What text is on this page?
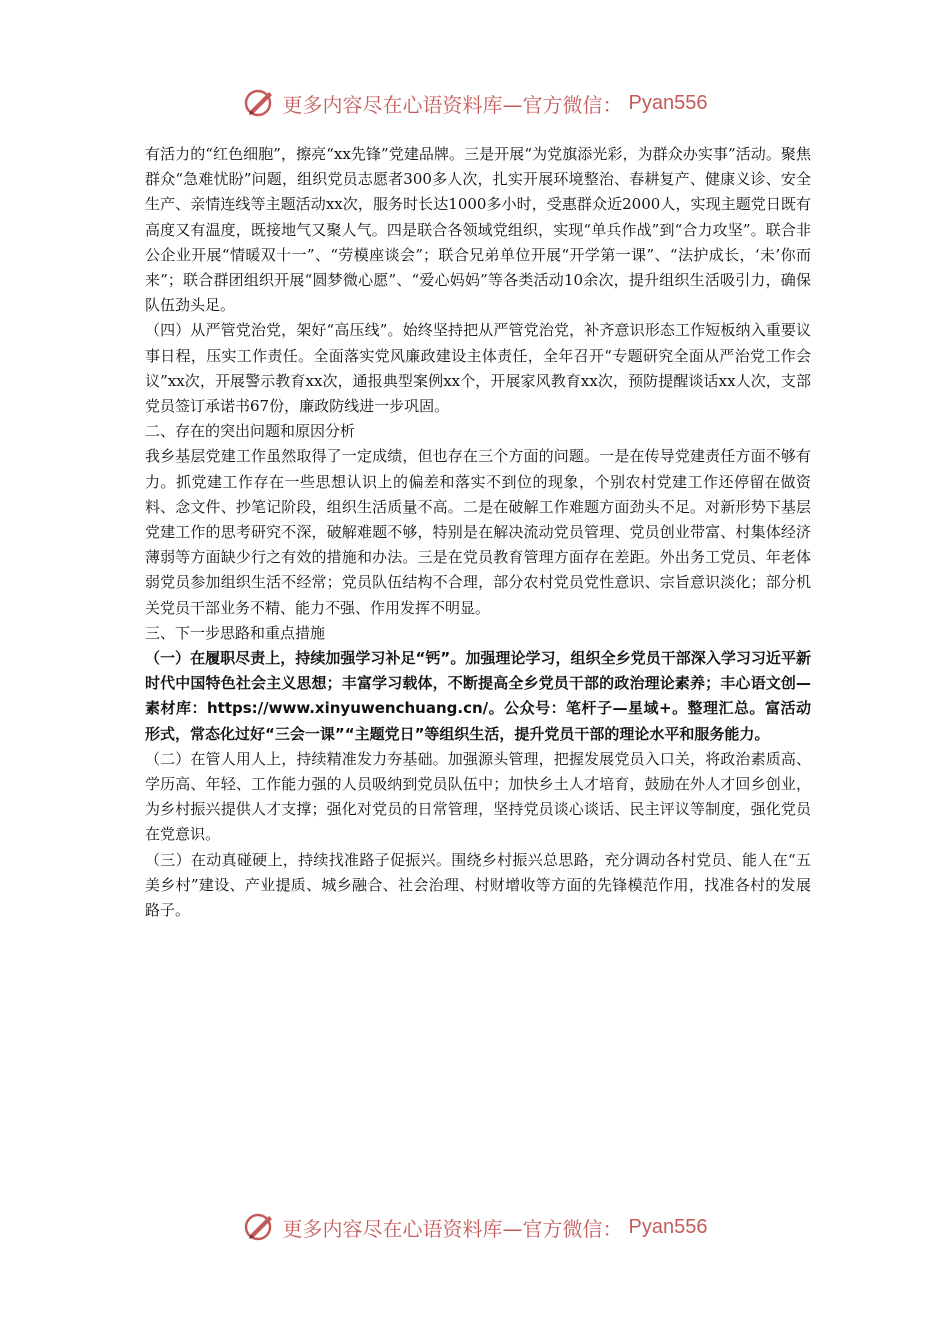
更多内容尽在心语资料库—官方微信： Pyan556

有活力的“红色细胞”，擦亮“xx先锋”党建品牌。三是开展“为党旗添光彩，为群众办实事”活动。聚焦群众“急难忧盼”问题，组织党员志愿者300多人次，扎实开展环境整治、春耕复产、健康义诊、安全生产、亲情连线等主题活动xx次，服务时长达1000多小时，受惠群众近2000人，实现主题党日既有高度又有温度，既接地气又聚人气。四是联合各领域党组织，实现“单兵作战”到“合力攻坚”。联合非公企业开展“情暖双十一”、“劳模座谈会”；联合兄弟单位开展“开学第一课”、“法护成长，‘未’你而来”；联合群团组织开展“圆梦微心愿”、“爱心妈妈”等各类活动10余次，提升组织生活吸引力，确保队伍劲头足。

（四）从严管党治党，架好“高压线”。始终坚持把从严管党治党，补齐意识形态工作短板纳入重要议事日程，压实工作责任。全面落实党风廉政建设主体责任，全年召开“专题研究全面从严治党工作会议”xx次，开展警示教育xx次，通报典型案例xx个，开展家风教育xx次，预防提醒谈话xx人次，支部党员签订承诺书67份，廉政防线进一步巩固。

二、存在的突出问题和原因分析

我乡基层党建工作虽然取得了一定成绩，但也存在三个方面的问题。一是在传导党建责任方面不够有力。抓党建工作存在一些思想认识上的偏差和落实不到位的现象，个别农村党建工作还停留在做资料、念文件、抄笔记阶段，组织生活质量不高。二是在破解工作难题方面劲头不足。对新形势下基层党建工作的思考研究不深，破解难题不够，特别是在解决流动党员管理、党员创业带富、村集体经济薄弱等方面缺少行之有效的措施和办法。三是在党员教育管理方面存在差距。外出务工党员、年老体弱党员参加组织生活不经常；党员队伍结构不合理，部分农村党员党性意识、宗旨意识淡化；部分机关党员干部业务不精、能力不强、作用发挥不明显。

三、下一步思路和重点措施

（一）在履职尽责上，持续加强学习补足“钙”。加强理论学习，组织全乡党员干部深入学习习近平新时代中国特色社会主义思想；丰富学习载体，不断提高全乡党员干部的政治理论素养；丰心语文创—素材库：https://www.xinyuwenchuang.cn/。公众号：笔杆子—星域+。整理汇总。富活动形式，常态化过好“三会一课”“主题党日”等组织生活，提升党员干部的理论水平和服务能力。

（二）在管人用人上，持续精准发力夯基础。加强源头管理，把握发展党员入口关，将政治素质高、学历高、年轻、工作能力强的人员吸纳到党员队伍中；加快乡土人才培育，鼓励在外人才回乡创业，为乡村振兴提供人才支撑；强化对党员的日常管理，坚持党员谈心谈话、民主评议等制度，强化党员在党意识。

（三）在动真碰硬上，持续找准路子促振兴。围绕乡村振兴总思路，充分调动各村党员、能人在“五美乡村”建设、产业提质、城乡融合、社会治理、村财增收等方面的先锋模范作用，找准各村的发展路子。

更多内容尽在心语资料库—官方微信： Pyan556
